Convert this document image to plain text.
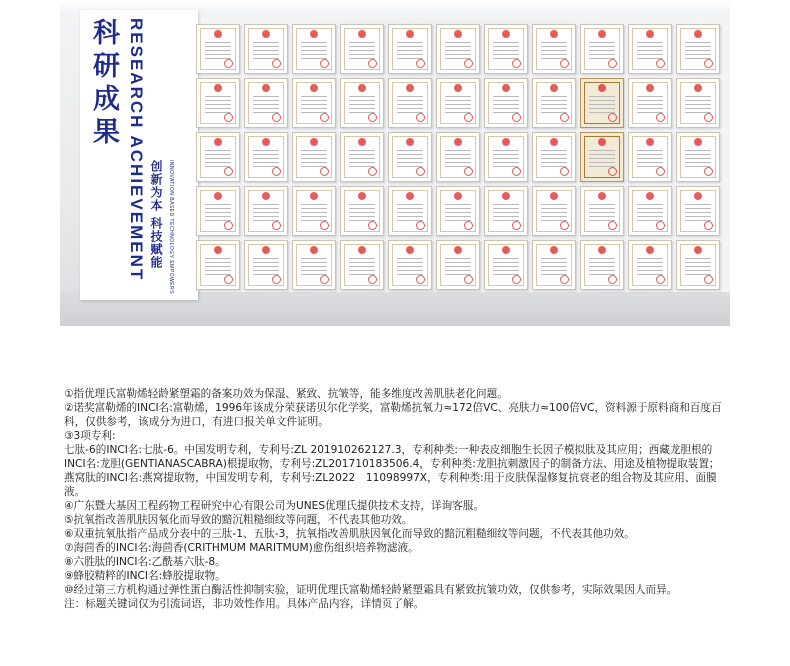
科研成果 RESEARCH ACHIEVEMENT 创新为本 科技赋能	INNOVATION BASED TECHNOLOGY EMPOWERS

①指优理氏富勒烯轻龄紧塑霜的备案功效为保湿、紧致、抗皱等，能多维度改善肌肤老化问题。

②诺奖富勒烯的INCI名:富勒烯，1996年该成分荣获诺贝尔化学奖，富勒烯抗氧力≈172倍VC、亮肤力≈100倍VC，资料源于原料商和百度百科，仅供参考，该成分为进口，有进口报关单文件证明。

③3项专利:

七肽-6的INCI名:七肽-6。中国发明专利，专利号:ZL 201910262127.3，专利种类:一种表皮细胞生长因子模拟肽及其应用；西藏龙胆根的INCI名:龙胆(GENTIANASCABRA)根提取物，专利号:ZL201710183506.4，专利种类:龙胆抗刺激因子的制备方法、用途及植物提取装置；燕窝肽的INCI名:燕窝提取物，中国发明专利，专利号:ZL2022　11098997X，专利种类:用于皮肤保湿修复抗衰老的组合物及其应用、面膜液。

④广东暨大基因工程药物工程研究中心有限公司为UNES优理氏提供技术支持，详询客服。

⑤抗氧指改善肌肤因氧化而导致的黯沉粗糙细纹等问题，不代表其他功效。

⑥双重抗氧肽指产品成分表中的三肽-1、五肽-3，抗氧指改善肌肤因氧化而导致的黯沉粗糙细纹等问题，不代表其他功效。

⑦海茴香的INCI名:海茴香(CRITHMUM MARITMUM)愈伤组织培养物滤液。

⑧六胜肽的INCI名:乙酰基六肽-8。

⑨蜂胶精粹的INCI名:蜂胶提取物。

⑩经过第三方机构通过弹性蛋白酶活性抑制实验，证明优理氏富勒烯轻龄紧塑霜具有紧致抗皱功效，仅供参考，实际效果因人而异。

注：标题关键词仅为引流词语，非功效性作用。具体产品内容，详情页了解。
